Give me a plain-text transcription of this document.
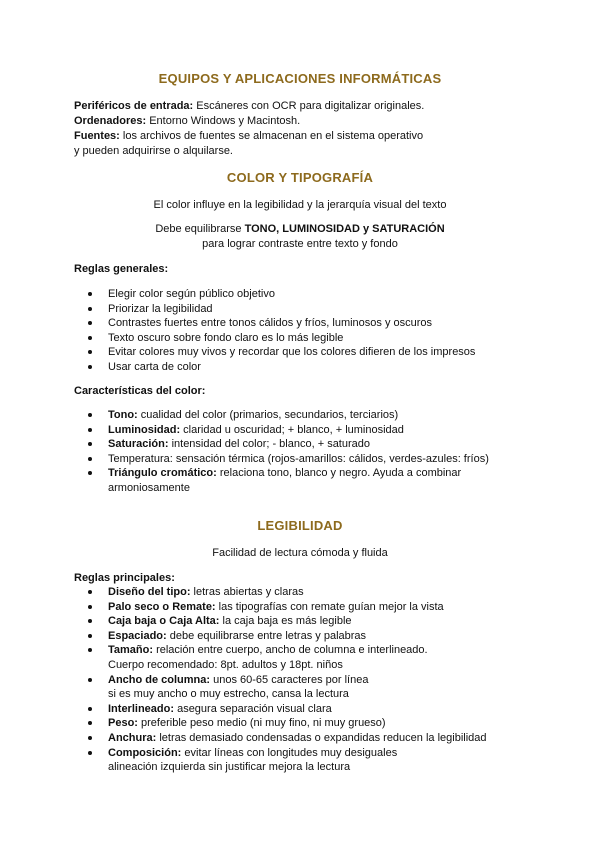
EQUIPOS Y APLICACIONES INFORMÁTICAS
Periféricos de entrada: Escáneres con OCR para digitalizar originales.
Ordenadores: Entorno Windows y Macintosh.
Fuentes: los archivos de fuentes se almacenan en el sistema operativo
y pueden adquirirse o alquilarse.
COLOR Y TIPOGRAFÍA
El color influye en la legibilidad y la jerarquía visual del texto
Debe equilibrarse TONO, LUMINOSIDAD y SATURACIÓN
para lograr contraste entre texto y fondo
Reglas generales:
Elegir color según público objetivo
Priorizar la legibilidad
Contrastes fuertes entre tonos cálidos y fríos, luminosos y oscuros
Texto oscuro sobre fondo claro es lo más legible
Evitar colores muy vivos y recordar que los colores difieren de los impresos
Usar carta de color
Características del color:
Tono: cualidad del color (primarios, secundarios, terciarios)
Luminosidad: claridad u oscuridad; + blanco, + luminosidad
Saturación: intensidad del color; - blanco, + saturado
Temperatura: sensación térmica (rojos-amarillos: cálidos, verdes-azules: fríos)
Triángulo cromático: relaciona tono, blanco y negro. Ayuda a combinar
armoniosamente
LEGIBILIDAD
Facilidad de lectura cómoda y fluida
Reglas principales:
Diseño del tipo: letras abiertas y claras
Palo seco o Remate: las tipografías con remate guían mejor la vista
Caja baja o Caja Alta: la caja baja es más legible
Espaciado: debe equilibrarse entre letras y palabras
Tamaño: relación entre cuerpo, ancho de columna e interlineado.
Cuerpo recomendado: 8pt. adultos y 18pt. niños
Ancho de columna: unos 60-65 caracteres por línea
si es muy ancho o muy estrecho, cansa la lectura
Interlineado: asegura separación visual clara
Peso: preferible peso medio (ni muy fino, ni muy grueso)
Anchura: letras demasiado condensadas o expandidas reducen la legibilidad
Composición: evitar líneas con longitudes muy desiguales
alineación izquierda sin justificar mejora la lectura
